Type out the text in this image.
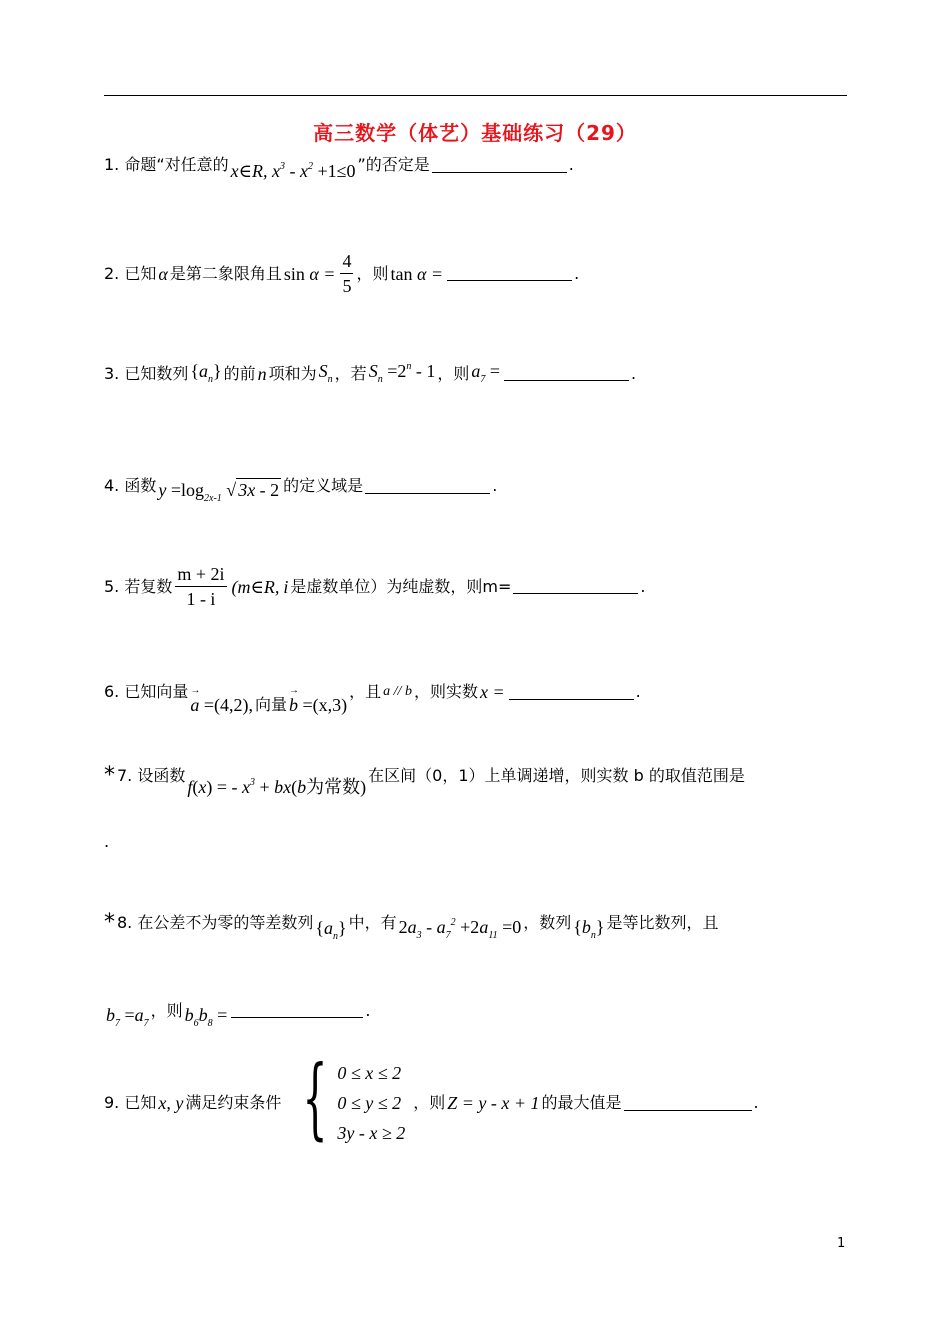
高三数学（体艺）基础练习（29）
1. 命题“对任意的 x∈R, $x^3 - x^2 +1\le 0$ ”的否定是	.
2. 已知 α 是第二象限角且 $\sin \alpha = \frac{4}{5}$ ，则 tan α =	.
3. 已知数列 $\{a_n\}$ 的前 n 项和为 $S_n$ ，若 $S_n =2^n - 1$ ，则 $a_7$ =	.
4. 函数 $y =\log_{2x-1}$ √ 3x - 2 的定义域是	.
5. 若复数 $\frac{m + 2i}{1 - i}$ (m∈R, i 是虚数单位）为纯虚数，则 m=	.
6. 已知向量
→ a =(4,2), 向量
→ b =(x,3)
，且 a // b ，则实数 x =	.
* 7. 设函数
f(x) = - $x^3 + bx(b$为常数)
在区间（0，1）上单调递增，则实数 b 的取值范围是
.
* 8. 在公差不为零的等差数列 $\{a_n\}$ 中，有 $2a_3 - a_7^2 +2a_{11} =0$ ，数列 $\{b_n\}$ 是等比数列，且
$b_7 =a_7$
，则 $b_6b_8$ =	.
9. 已知 x, y 满足约束条件 { 0 ≤ x ≤ 2
0 ≤ y ≤ 2
3y - x ≥ 2
，则 Z = y - x + 1 的最大值是	.
1
